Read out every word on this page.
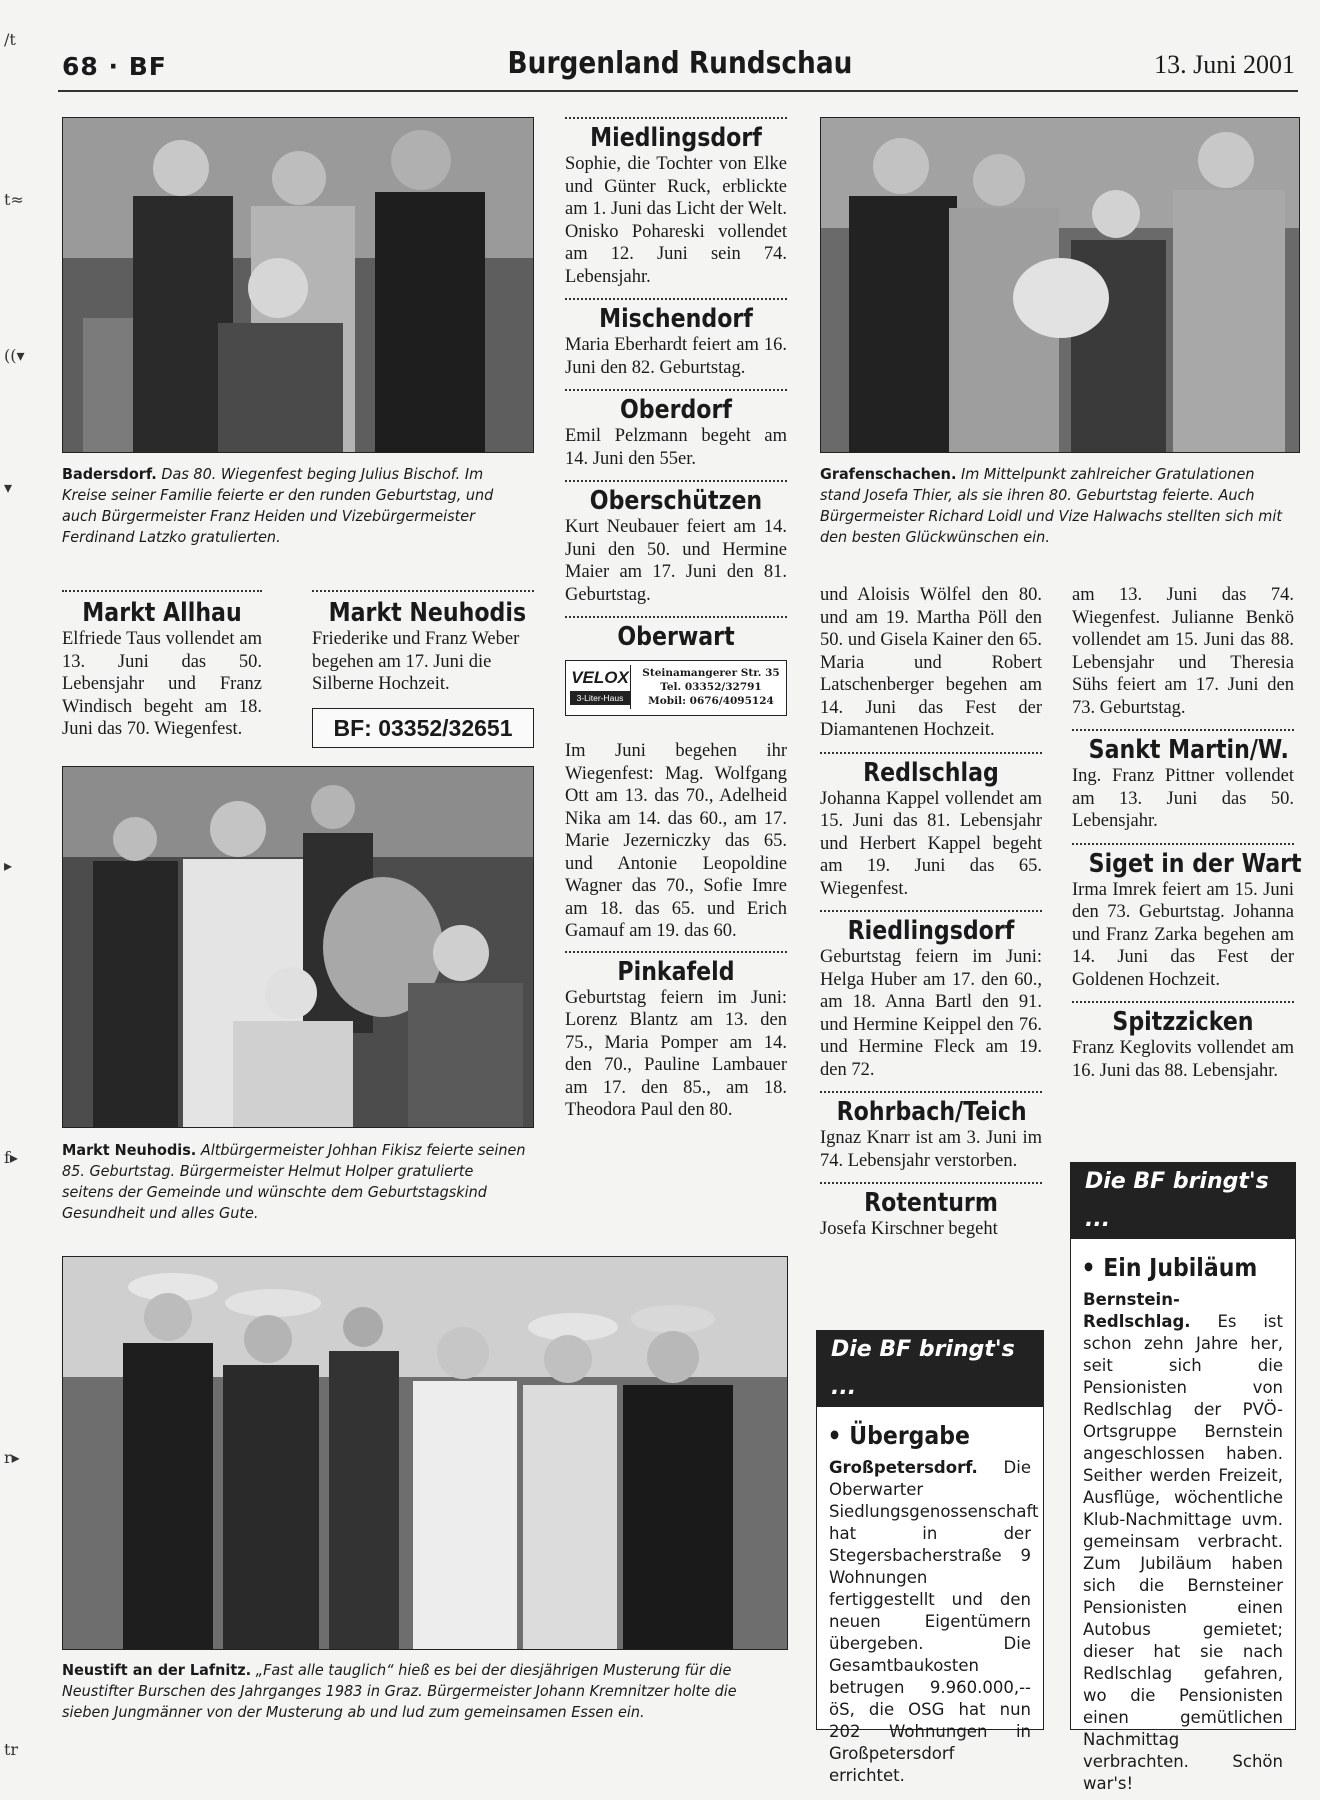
/t
t≈
((▾
▾
▸
f▸
r▸
tr
68 · BF	Burgenland Rundschau	13. Juni 2001
Badersdorf. Das 80. Wiegenfest beging Julius Bischof. Im Kreise seiner Familie feierte er den runden Geburtstag, und auch Bürgermeister Franz Heiden und Vizebürgermeister Ferdinand Latzko gratulierten.
Markt Allhau
Elfriede Taus vollendet am 13. Juni das 50. Lebensjahr und Franz Windisch begeht am 18. Juni das 70. Wiegenfest.
Markt Neuhodis
Friederike und Franz Weber begehen am 17. Juni die Silberne Hochzeit.
BF: 03352/32651
Markt Neuhodis. Altbürgermeister Johhan Fikisz feierte seinen 85. Geburtstag. Bürgermeister Helmut Holper gratulierte seitens der Gemeinde und wünschte dem Geburtstagskind Gesundheit und alles Gute.
Miedlingsdorf
Sophie, die Tochter von Elke und Günter Ruck, erblickte am 1. Juni das Licht der Welt. Onisko Pohareski vollendet am 12. Juni sein 74. Lebensjahr.
Mischendorf
Maria Eberhardt feiert am 16. Juni den 82. Geburtstag.
Oberdorf
Emil Pelzmann begeht am 14. Juni den 55er.
Oberschützen
Kurt Neubauer feiert am 14. Juni den 50. und Hermine Maier am 17. Juni den 81. Geburtstag.
Oberwart
VELOX
3-Liter-Haus
Steinamangerer Str. 35
Tel. 03352/32791
Mobil: 0676/4095124
Im Juni begehen ihr Wiegenfest: Mag. Wolfgang Ott am 13. das 70., Adelheid Nika am 14. das 60., am 17. Marie Jezerniczky das 65. und Antonie Leopoldine Wagner das 70., Sofie Imre am 18. das 65. und Erich Gamauf am 19. das 60.
Pinkafeld
Geburtstag feiern im Juni: Lorenz Blantz am 13. den 75., Maria Pomper am 14. den 70., Pauline Lambauer am 17. den 85., am 18. Theodora Paul den 80.
Grafenschachen. Im Mittelpunkt zahlreicher Gratulationen stand Josefa Thier, als sie ihren 80. Geburtstag feierte. Auch Bürgermeister Richard Loidl und Vize Halwachs stellten sich mit den besten Glückwünschen ein.
und Aloisis Wölfel den 80. und am 19. Martha Pöll den 50. und Gisela Kainer den 65. Maria und Robert Latschenberger begehen am 14. Juni das Fest der Diamantenen Hochzeit.
Redlschlag
Johanna Kappel vollendet am 15. Juni das 81. Lebensjahr und Herbert Kappel begeht am 19. Juni das 65. Wiegenfest.
Riedlingsdorf
Geburtstag feiern im Juni: Helga Huber am 17. den 60., am 18. Anna Bartl den 91. und Hermine Keippel den 76. und Hermine Fleck am 19. den 72.
Rohrbach/Teich
Ignaz Knarr ist am 3. Juni im 74. Lebensjahr verstorben.
Rotenturm
Josefa Kirschner begeht
am 13. Juni das 74. Wiegenfest. Julianne Benkö vollendet am 15. Juni das 88. Lebensjahr und Theresia Sühs feiert am 17. Juni den 73. Geburtstag.
Sankt Martin/W.
Ing. Franz Pittner vollendet am 13. Juni das 50. Lebensjahr.
Siget in der Wart
Irma Imrek feiert am 15. Juni den 73. Geburtstag. Johanna und Franz Zarka begehen am 14. Juni das Fest der Goldenen Hochzeit.
Spitzzicken
Franz Keglovits vollendet am 16. Juni das 88. Lebensjahr.
Neustift an der Lafnitz. „Fast alle tauglich“ hieß es bei der diesjährigen Musterung für die Neustifter Burschen des Jahrganges 1983 in Graz. Bürgermeister Johann Kremnitzer holte die sieben Jungmänner von der Musterung ab und lud zum gemeinsamen Essen ein.
Die BF bringt's ...
• Übergabe
Großpetersdorf. Die Oberwarter Siedlungsgenossenschaft hat in der Stegersbacherstraße 9 Wohnungen fertiggestellt und den neuen Eigentümern übergeben. Die Gesamtbaukosten betrugen 9.960.000,-- öS, die OSG hat nun 202 Wohnungen in Großpetersdorf errichtet.
Die BF bringt's ...
• Ein Jubiläum
Bernstein-Redlschlag. Es ist schon zehn Jahre her, seit sich die Pensionisten von Redlschlag der PVÖ-Ortsgruppe Bernstein angeschlossen haben. Seither werden Freizeit, Ausflüge, wöchentliche Klub-Nachmittage uvm. gemeinsam verbracht. Zum Jubiläum haben sich die Bernsteiner Pensionisten einen Autobus gemietet; dieser hat sie nach Redlschlag gefahren, wo die Pensionisten einen gemütlichen Nachmittag verbrachten. Schön war's!
